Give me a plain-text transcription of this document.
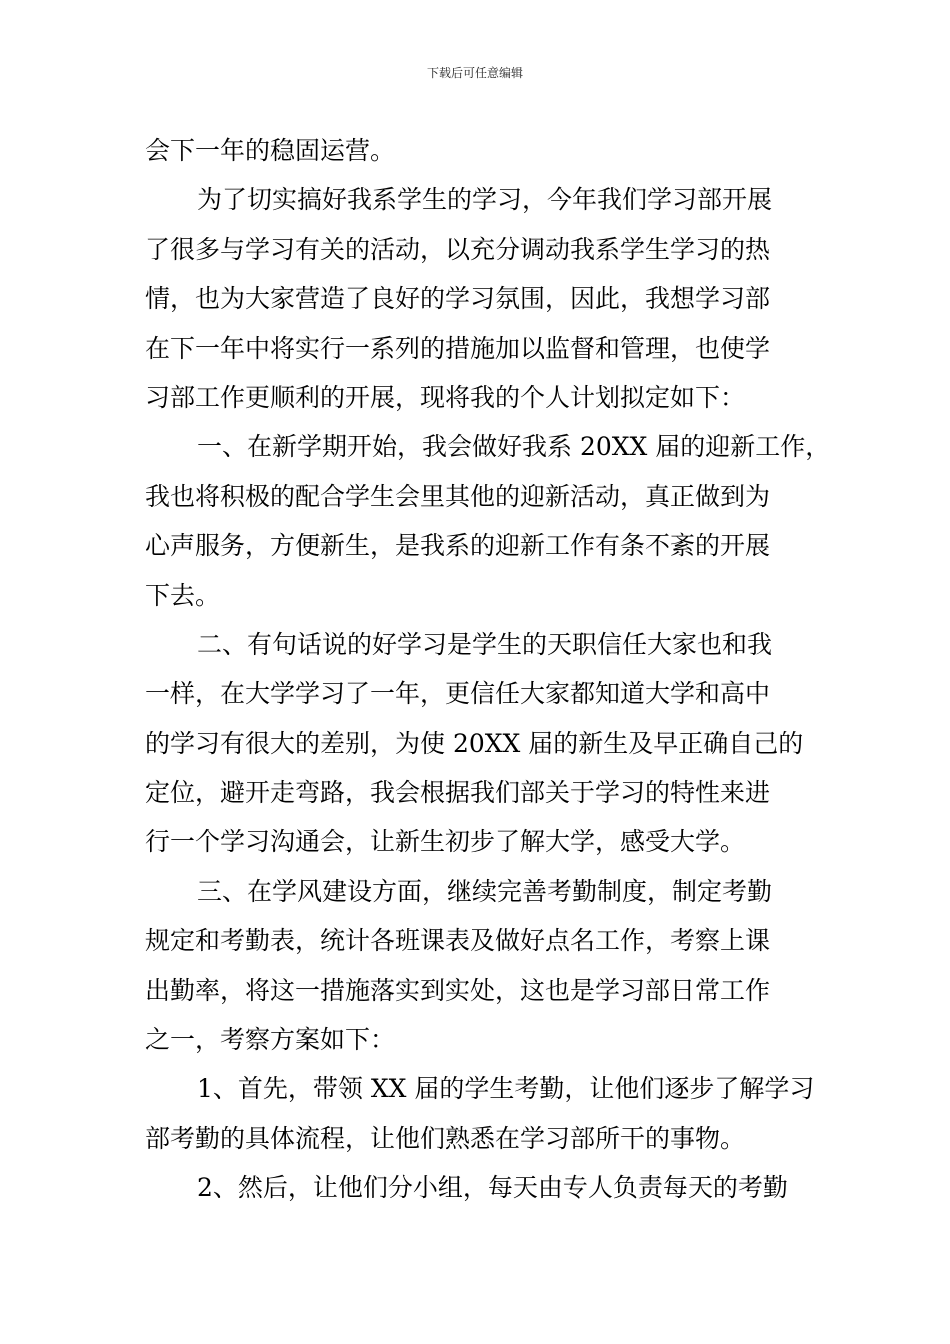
下载后可任意编辑
会下一年的稳固运营。
为了切实搞好我系学生的学习，今年我们学习部开展
了很多与学习有关的活动，以充分调动我系学生学习的热
情，也为大家营造了良好的学习氛围，因此，我想学习部
在下一年中将实行一系列的措施加以监督和管理，也使学
习部工作更顺利的开展，现将我的个人计划拟定如下：
一、在新学期开始，我会做好我系 20XX 届的迎新工作，
我也将积极的配合学生会里其他的迎新活动，真正做到为
心声服务，方便新生，是我系的迎新工作有条不紊的开展
下去。
二、有句话说的好学习是学生的天职信任大家也和我
一样，在大学学习了一年，更信任大家都知道大学和高中
的学习有很大的差别，为使 20XX 届的新生及早正确自己的
定位，避开走弯路，我会根据我们部关于学习的特性来进
行一个学习沟通会，让新生初步了解大学，感受大学。
三、在学风建设方面，继续完善考勤制度，制定考勤
规定和考勤表，统计各班课表及做好点名工作，考察上课
出勤率，将这一措施落实到实处，这也是学习部日常工作
之一，考察方案如下：
1、首先，带领 XX 届的学生考勤，让他们逐步了解学习
部考勤的具体流程，让他们熟悉在学习部所干的事物。
2、然后，让他们分小组，每天由专人负责每天的考勤
